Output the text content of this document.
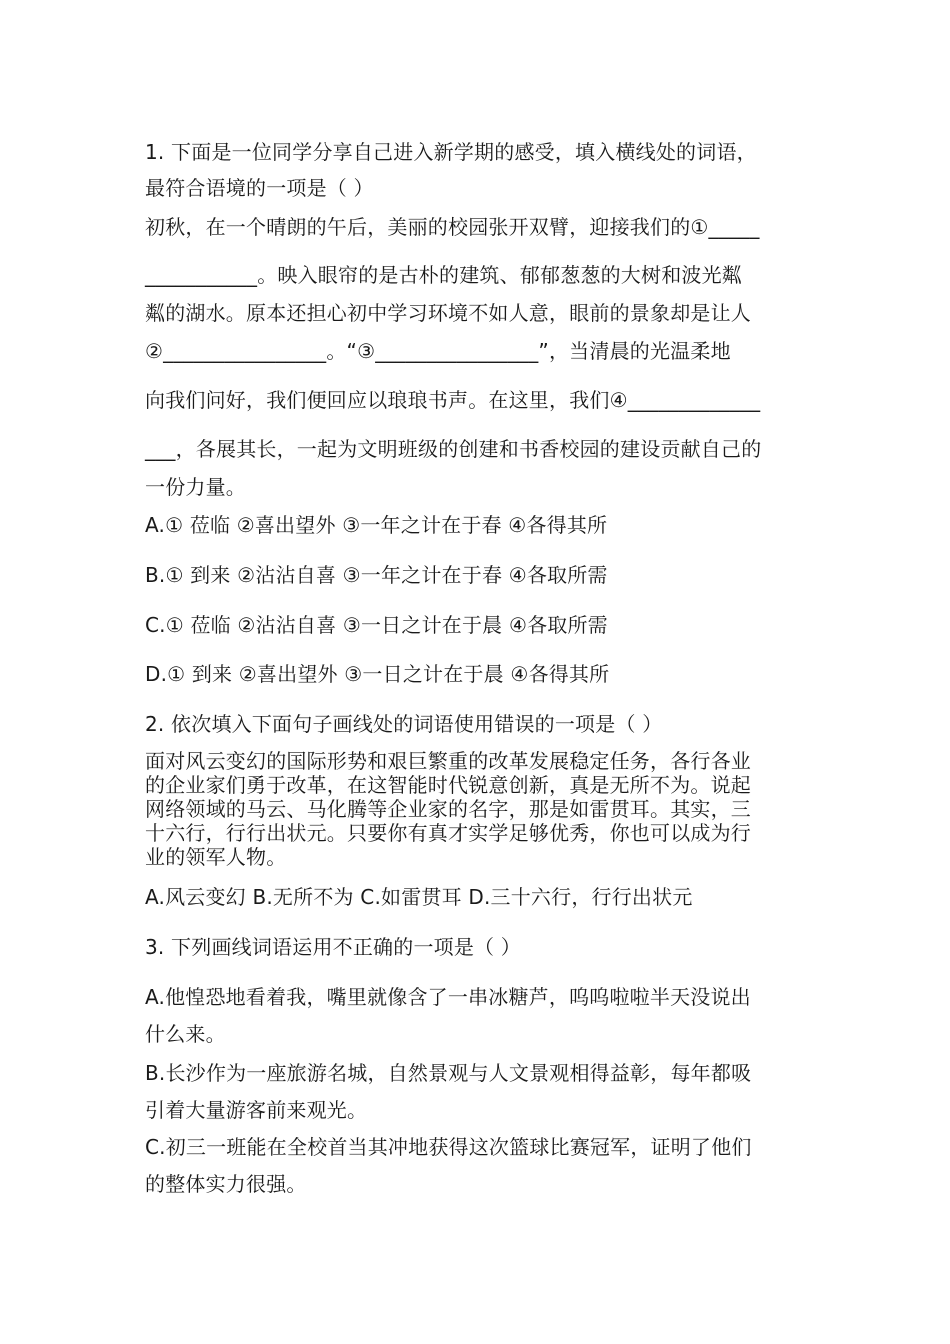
1. 下面是一位同学分享自己进入新学期的感受，填入横线处的词语，
最符合语境的一项是（ ）
初秋，在一个晴朗的午后，美丽的校园张开双臂，迎接我们的①_____
___________。映入眼帘的是古朴的建筑、郁郁葱葱的大树和波光粼
粼的湖水。原本还担心初中学习环境不如人意，眼前的景象却是让人
②________________。“③________________”，当清晨的光温柔地
向我们问好，我们便回应以琅琅书声。在这里，我们④_____________
___，各展其长，一起为文明班级的创建和书香校园的建设贡献自己的
一份力量。
A.① 莅临 ②喜出望外 ③一年之计在于春 ④各得其所
B.① 到来 ②沾沾自喜 ③一年之计在于春 ④各取所需
C.① 莅临 ②沾沾自喜 ③一日之计在于晨 ④各取所需
D.① 到来 ②喜出望外 ③一日之计在于晨 ④各得其所
2. 依次填入下面句子画线处的词语使用错误的一项是（ ）
面对风云变幻的国际形势和艰巨繁重的改革发展稳定任务，各行各业
的企业家们勇于改革，在这智能时代锐意创新，真是无所不为。说起
网络领域的马云、马化腾等企业家的名字，那是如雷贯耳。其实，三
十六行，行行出状元。只要你有真才实学足够优秀，你也可以成为行
业的领军人物。
A.风云变幻 B.无所不为 C.如雷贯耳 D.三十六行，行行出状元
3. 下列画线词语运用不正确的一项是（ ）
A.他惶恐地看着我，嘴里就像含了一串冰糖芦，呜呜啦啦半天没说出
什么来。
B.长沙作为一座旅游名城，自然景观与人文景观相得益彰，每年都吸
引着大量游客前来观光。
C.初三一班能在全校首当其冲地获得这次篮球比赛冠军，证明了他们
的整体实力很强。
